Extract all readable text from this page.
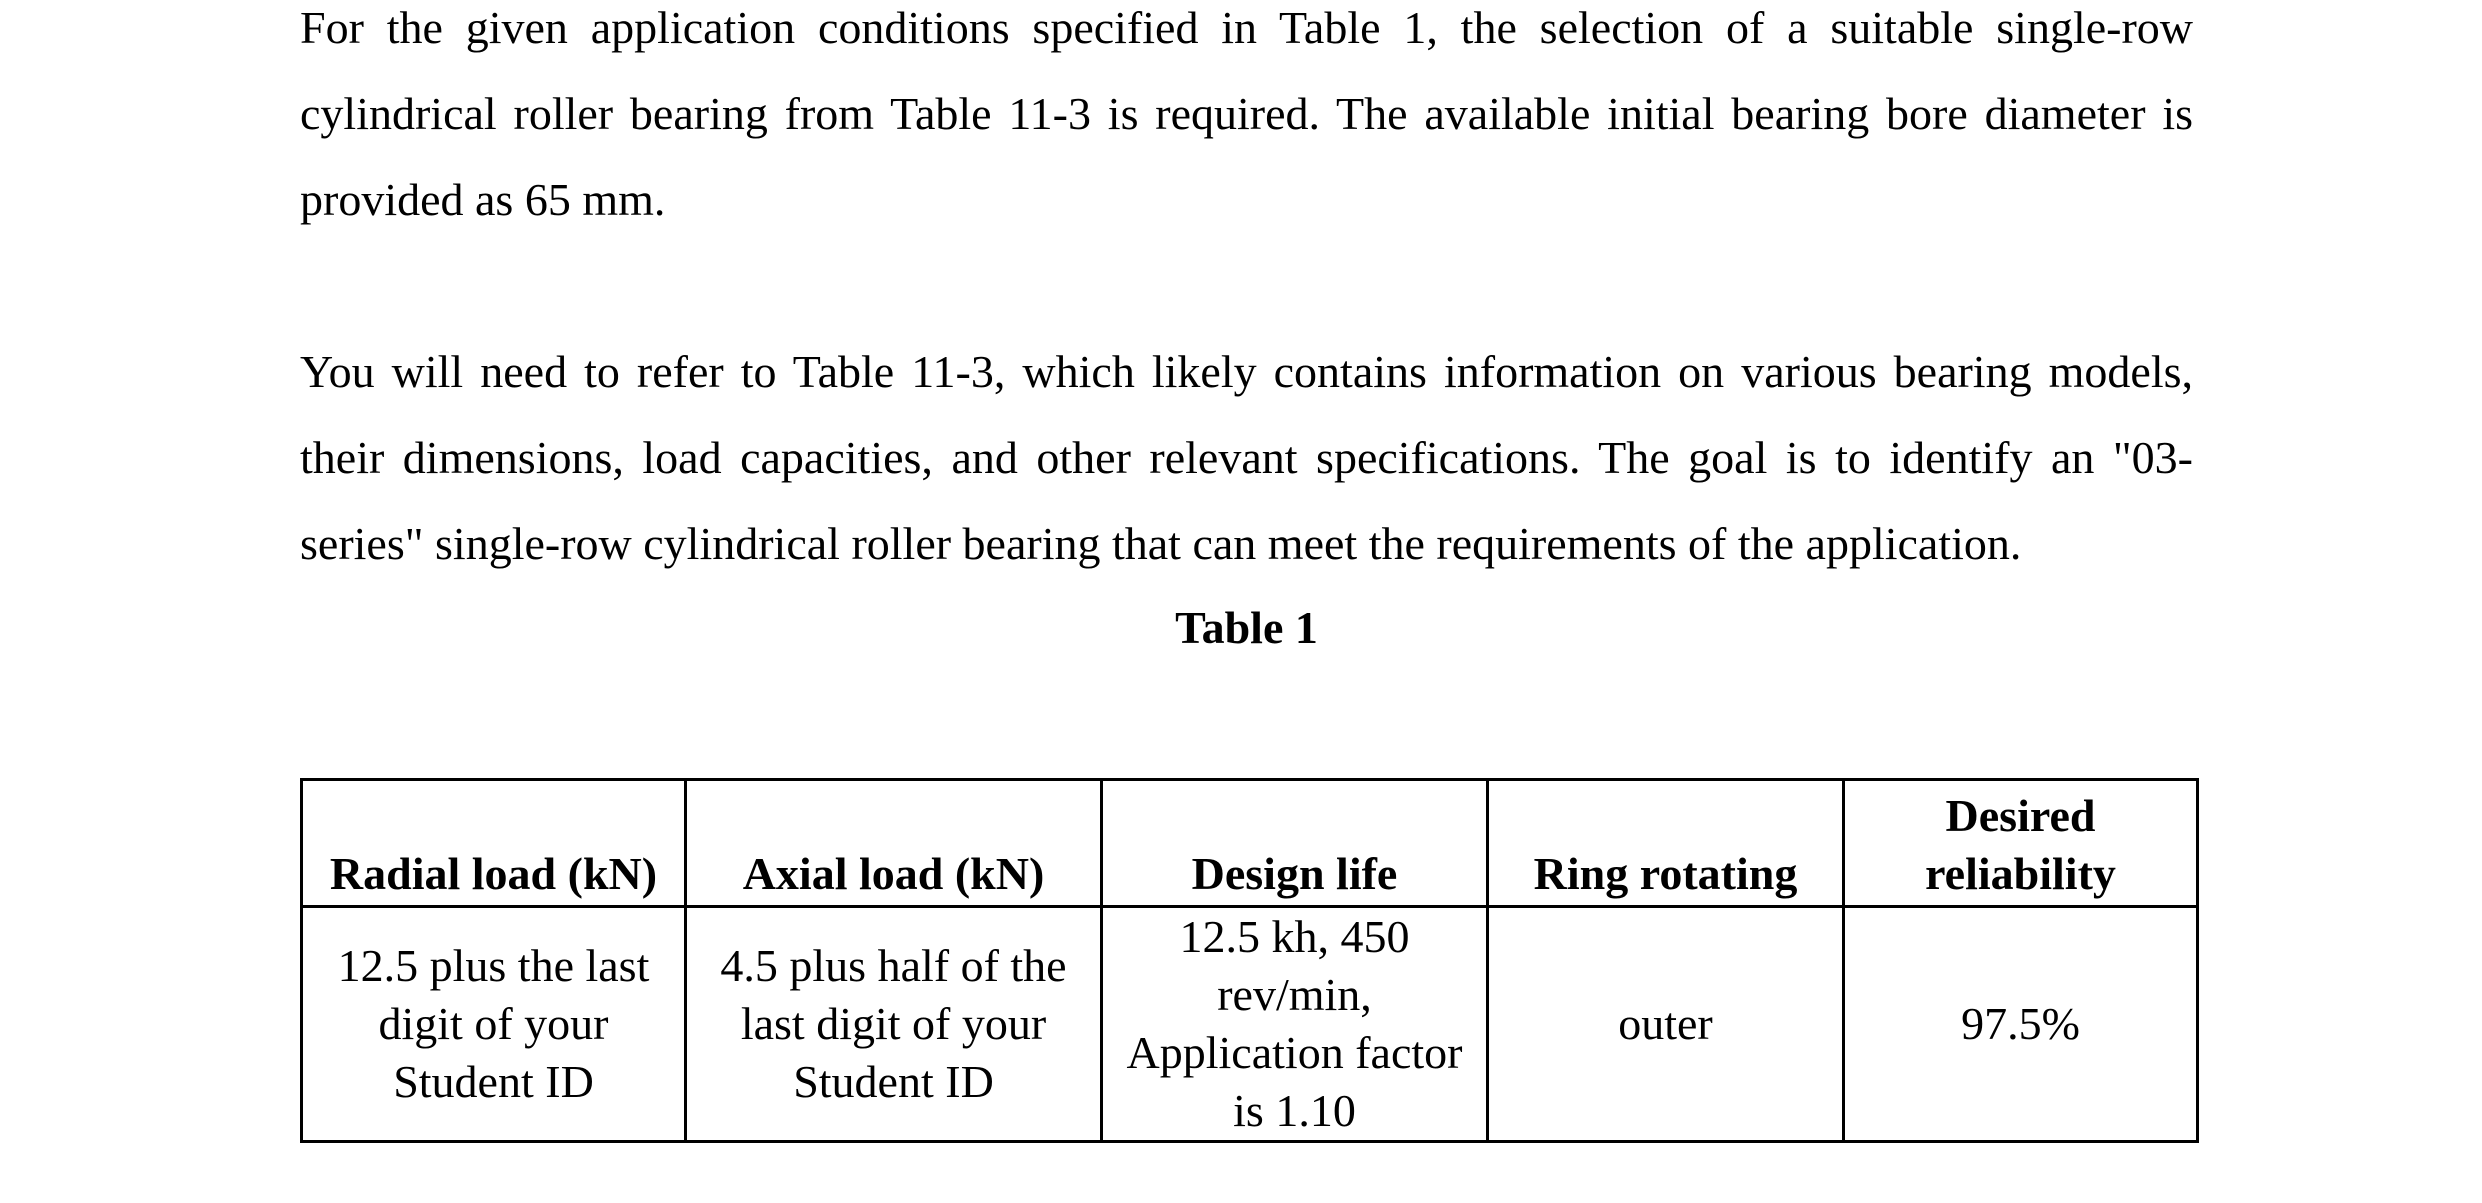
For the given application conditions specified in Table 1, the selection of a suitable single-row cylindrical roller bearing from Table 11-3 is required. The available initial bearing bore diameter is provided as 65 mm.

You will need to refer to Table 11-3, which likely contains information on various bearing models, their dimensions, load capacities, and other relevant specifications. The goal is to identify an "03-series" single-row cylindrical roller bearing that can meet the requirements of the application.

Table 1
Radial load (kN)	Axial load (kN)	Design life	Ring rotating	Desired reliability
12.5 plus the last digit of your Student ID	4.5 plus half of the last digit of your Student ID	12.5 kh, 450 rev/min, Application factor is 1.10	outer	97.5%
